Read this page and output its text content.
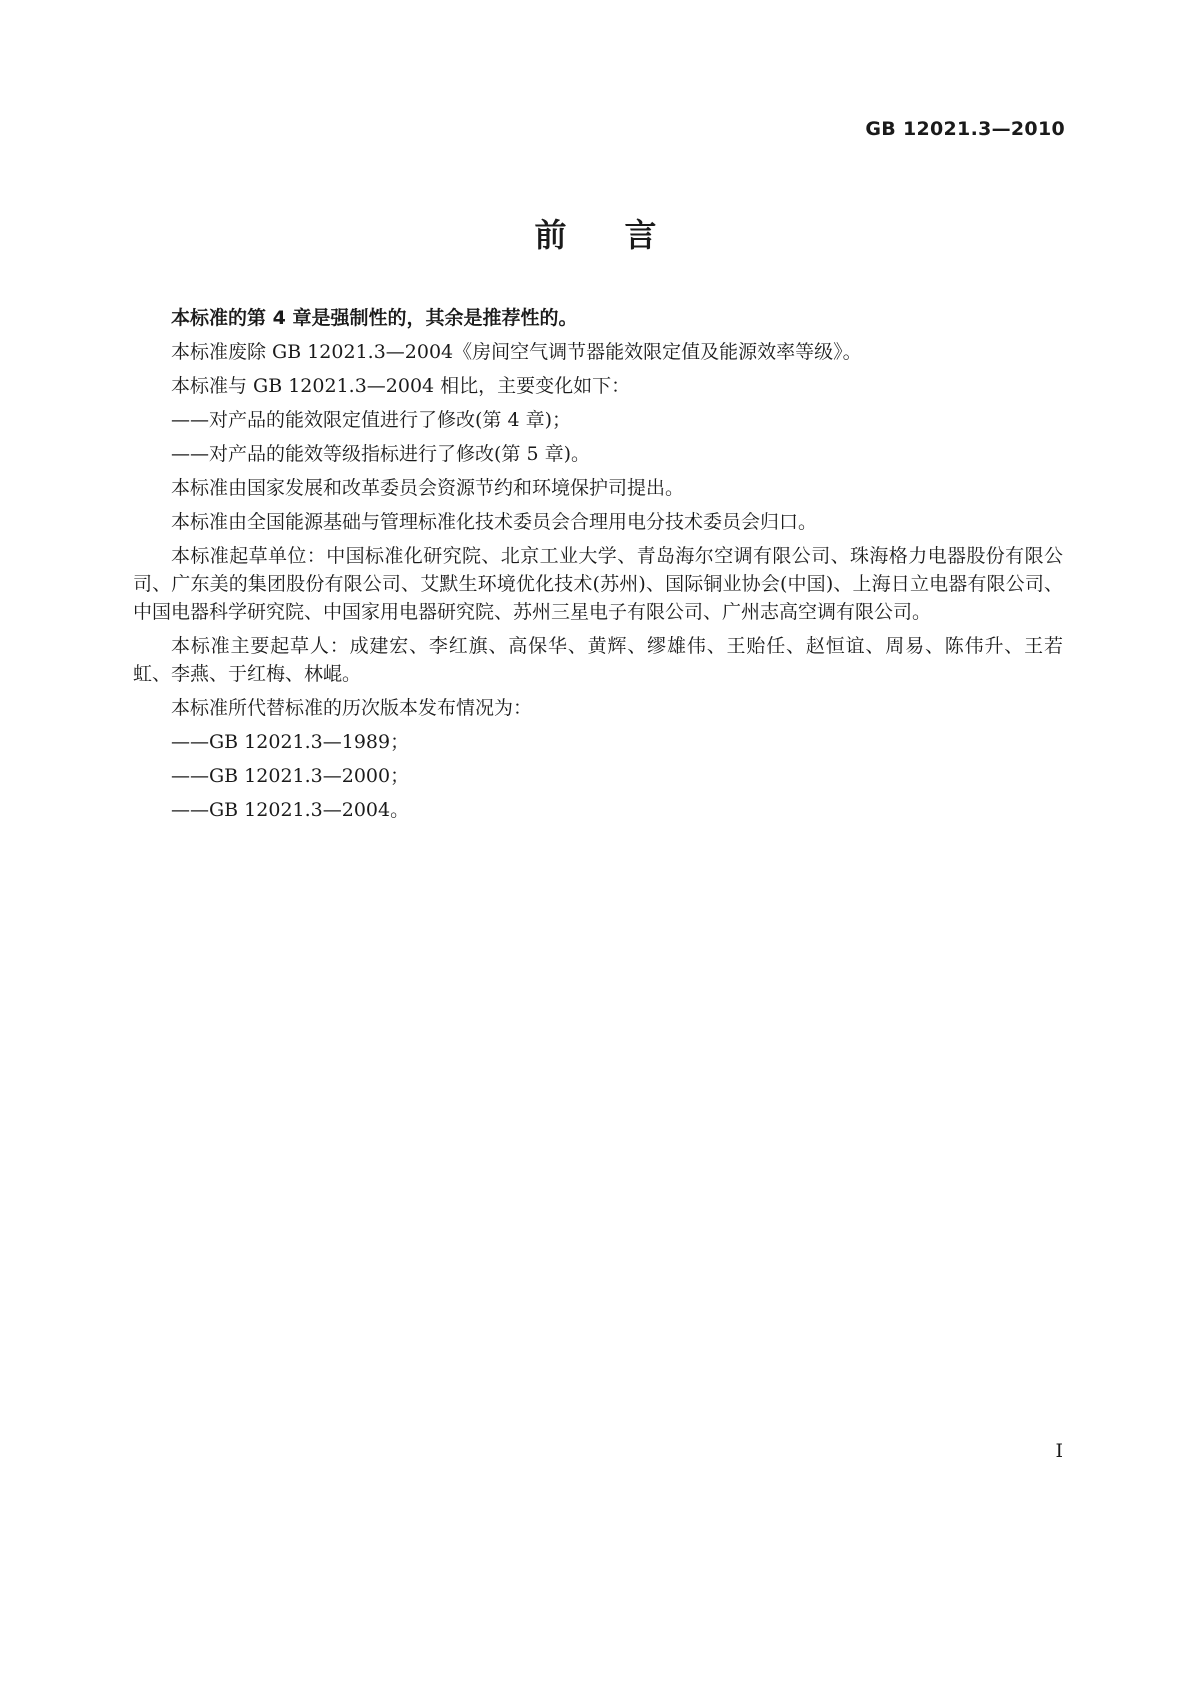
GB 12021.3—2010
前言

本标准的第 4 章是强制性的，其余是推荐性的。

本标准废除 GB 12021.3—2004《房间空气调节器能效限定值及能源效率等级》。

本标准与 GB 12021.3—2004 相比，主要变化如下：

——对产品的能效限定值进行了修改(第 4 章)；

——对产品的能效等级指标进行了修改(第 5 章)。

本标准由国家发展和改革委员会资源节约和环境保护司提出。

本标准由全国能源基础与管理标准化技术委员会合理用电分技术委员会归口。

本标准起草单位：中国标准化研究院、北京工业大学、青岛海尔空调有限公司、珠海格力电器股份有限公司、广东美的集团股份有限公司、艾默生环境优化技术(苏州)、国际铜业协会(中国)、上海日立电器有限公司、中国电器科学研究院、中国家用电器研究院、苏州三星电子有限公司、广州志高空调有限公司。

本标准主要起草人：成建宏、李红旗、高保华、黄辉、缪雄伟、王贻任、赵恒谊、周易、陈伟升、王若虹、李燕、于红梅、林崐。

本标准所代替标准的历次版本发布情况为：

——GB 12021.3—1989；

——GB 12021.3—2000；

——GB 12021.3—2004。

I
